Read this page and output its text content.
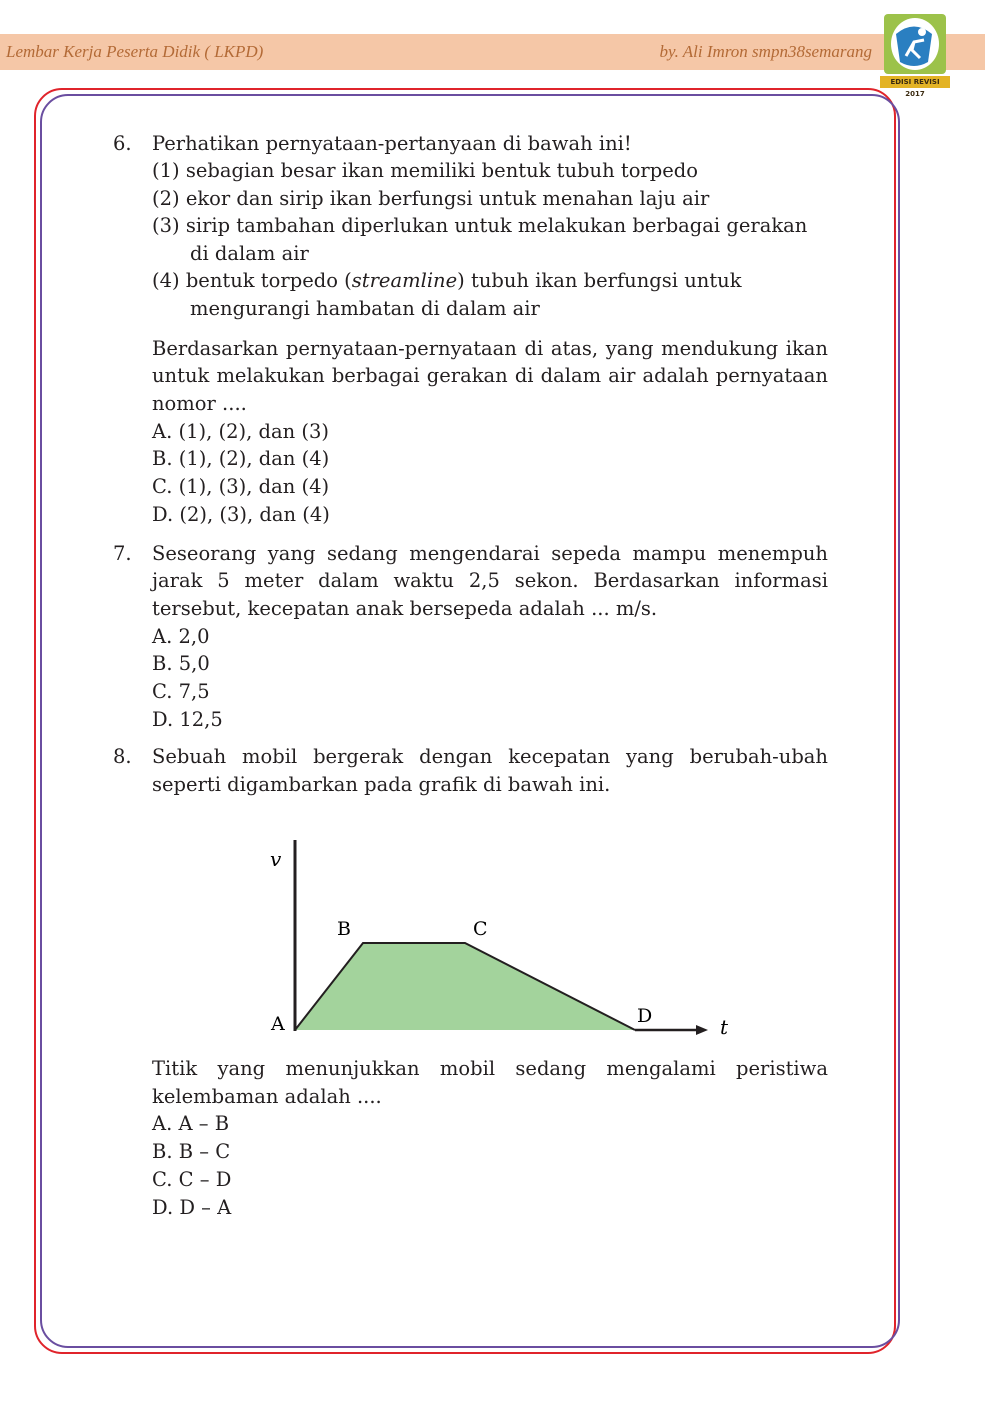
Lembar Kerja Peserta Didik ( LKPD)	by. Ali Imron smpn38semarang
EDISI REVISI 2017
6. Perhatikan pernyataan-pertanyaan di bawah ini!
(1) sebagian besar ikan memiliki bentuk tubuh torpedo
(2) ekor dan sirip ikan berfungsi untuk menahan laju air
(3) sirip tambahan diperlukan untuk melakukan berbagai gerakan
di dalam air
(4) bentuk torpedo (streamline) tubuh ikan berfungsi untuk
mengurangi hambatan di dalam air
Berdasarkan pernyataan-pernyataan di atas, yang mendukung ikan
untuk melakukan berbagai gerakan di dalam air adalah pernyataan
nomor ....
A. (1), (2), dan (3)
B. (1), (2), dan (4)
C. (1), (3), dan (4)
D. (2), (3), dan (4)
7. Seseorang yang sedang mengendarai sepeda mampu menempuh
jarak 5 meter dalam waktu 2,5 sekon. Berdasarkan informasi
tersebut, kecepatan anak bersepeda adalah ... m/s.
A. 2,0
B. 5,0
C. 7,5
D. 12,5
8. Sebuah mobil bergerak dengan kecepatan yang berubah-ubah
seperti digambarkan pada grafik di bawah ini.
v
t
A
B	C
D
Titik yang menunjukkan mobil sedang mengalami peristiwa
kelembaman adalah ....
A. A – B
B. B – C
C. C – D
D. D – A
